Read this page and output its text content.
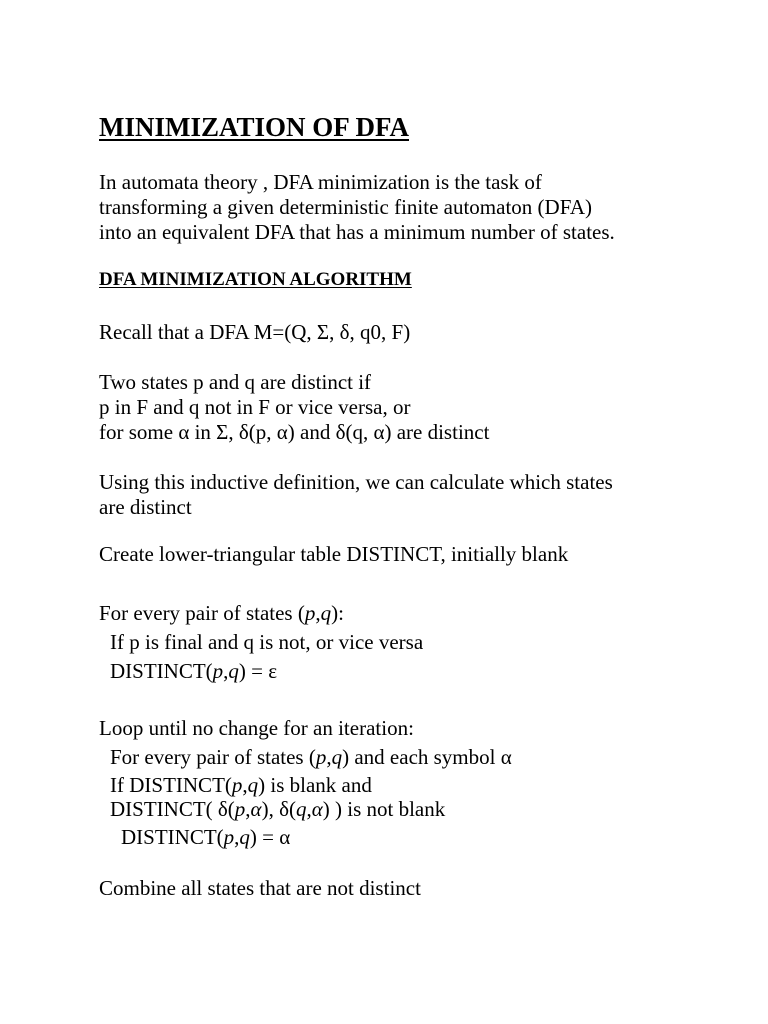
MINIMIZATION OF DFA

In automata theory , DFA minimization is the task of

transforming a given deterministic finite automaton (DFA)

into an equivalent DFA that has a minimum number of states.

DFA MINIMIZATION ALGORITHM

Recall that a DFA M=(Q, Σ, δ, q0, F)

Two states p and q are distinct if

p in F and q not in F or vice versa, or

for some α in Σ, δ(p, α) and δ(q, α) are distinct

Using this inductive definition, we can calculate which states

are distinct

Create lower-triangular table DISTINCT, initially blank

For every pair of states (p,q):

If p is final and q is not, or vice versa

DISTINCT(p,q) = ε

Loop until no change for an iteration:

For every pair of states (p,q) and each symbol α

If DISTINCT(p,q) is blank and

DISTINCT( δ(p,α), δ(q,α) ) is not blank

DISTINCT(p,q) = α

Combine all states that are not distinct
